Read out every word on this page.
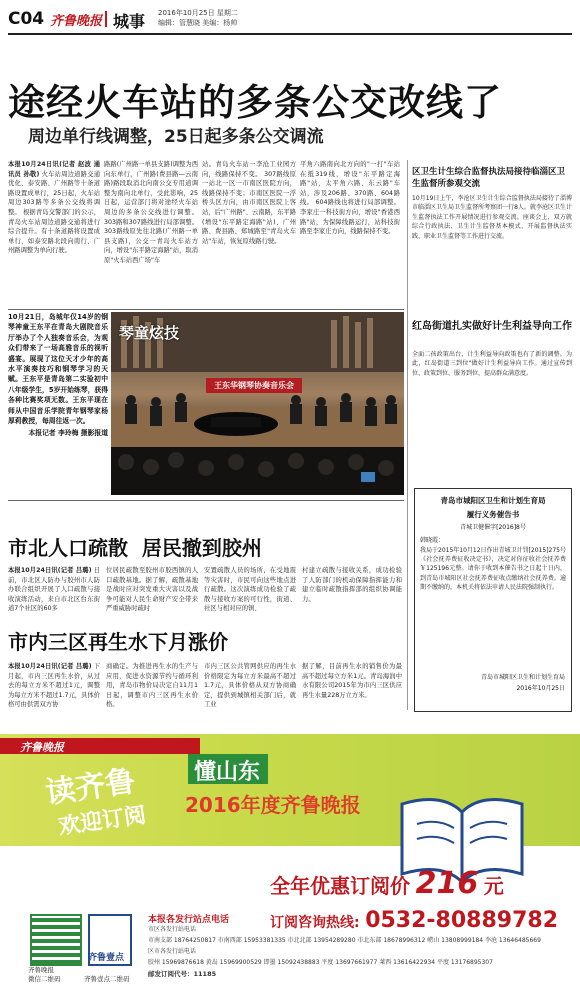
C04 齐鲁晚报 城事 2016年10月25日 星期二
编辑：管慧晓 美编：杨帅
途经火车站的多条公交改线了
周边单行线调整，25日起多条公交调流
本报10月24日讯(记者 赵波 通讯员 孙敬) 火车站周边道路交通优化、泰安路、广州路等十条道路设置成单行，25日起，火车站周边303路等多条公交线将调整。 根据青岛交警部门的公示，青岛火车站周边道路交通将进行综合提升。有十条道路将设置成单行，如泰安路北段向南行、广州路调整为单向行驶。
路路(广州路一单县支路)调整为西向东单行，广州路(费县路—云南路)路段取消北向南公交专用道调整为南向北单行，受此影响，25日起，运营部门将对途经火车站周边的多条公交线进行调整。 303路和307路线进行局部调整。303路线原先往北路(广州路一单县支路)，公交一青岛火车站方向，增设"东平路定海路"站，取消原"火车站西广场"车
站。青岛火车站一李沧工业园方向，线路保持不变。 307路线原一站北一区一市南区医院方向，线路保持不变；市南区医院一浮桥头区方向，由市南区医院上客站，后"广州路"、云南路，东平路(增设"东平路定海路"站)、广州路、费县路、郑城路至"青岛火车站"车站，恢复原线路行驶。
平角六路南向北方向的"一打"车站在抵319线，增设"东平路定海路"站，太平角六路、东云路"车站，涉及206路、370路、604路线。 604路线也将进行局部调整。李家庄一科技街方向，增设"香港西路"站，为保障线路运行，站科技街路至李家庄方向，线路保持不变。
区卫生计生综合监督执法局接待临淄区卫生监督所参观交流
10月19日上午，李沧区卫生计生综合监督执法局接待了淄博市临淄区卫生局卫生监督所考察团一行8人。就李沧区卫生计生监督执法工作开展情况进行参观交流。座谈会上，双方就综合行政执法、卫生计生监督基本模式、开展监督执法实践、职业卫生监督等工作进行交流。
红岛街道扎实做好计生利益导向工作
全面二孩政策出台，计生利益导向政策也有了新的调整。为此，红岛街道三到位"做好计生利益导向工作。通过宣传到位、政策到位、服务到位，提高群众满意度。
青岛市城阳区卫生和计划生育局
履行义务催告书
青城卫健催字[2016]8号
韩晓霞：
我局于2015年10月12日作出青城卫计罚[2015]275号《社会抚养费征收决定书》，决定对你征收社会抚养费￥125196元整。请你于收到本催告书之日起十日内，到青岛市城阳区社会抚养费征收点缴纳社会抚养费。逾期不缴纳的，本机关将依法申请人民法院强制执行。
青岛市城阳区卫生和计划生育局
2016年10月25日
10月21日，岛城年仅14岁的钢琴神童王东平在青岛大剧院音乐厅举办了个人独奏音乐会，为观众们带来了一场高雅音乐的视听盛宴。展现了这位天才少年的高水平演奏技巧和钢琴学习的天赋。王东平是青岛第二实验初中八年级学生，5岁开始练琴，获得各种比赛奖项无数。王东平现在师从中国音乐学院青年钢琴家杨厚莉教授，每周往返一次。
本报记者 李玲梅 摄影报道
王东华钢琴协奏音乐会
琴童炫技
市北人口疏散  居民撤到胶州
本报10月24日讯(记者 吕璐) 日前，市北区人防办与胶州市人防办联合组织开展了人口疏散与接收演练活动，来自市北区台东街道7个社区的60多
位居民疏散至胶州市胶西镇的人口疏散基地。据了解，疏散基地是战时应对突发重大灾害以及战争可能对人民生命财产安全带来严重威胁时疏时
安置疏散人员的场所，在受地震等灾害时，市民可向这些地点进行疏散。这次演练成功检验了疏散与接收方案的可行性，街道、社区与相对应的镇、
村建立疏散与接收关系，成功检验了人防部门的机动保障指挥能力和建立临时疏散指挥部的组织协调能力。
市内三区再生水下月涨价
本报10月24日讯(记者 吕璐) 下月起，市内三区再生水价，从过去的每立方米不超过1元，调整为每立方米不超过1.7元，具体价格可由供需双方协
商确定。为推进再生水的生产与应用，促进水资源节约与循环利用，青岛市物价局决定自11月1日起，调整市内三区再生水价格。
市内三区公共管网供应的再生水价格限定为每立方米最高不超过1.7元，具体价格从双方协商确定，提供到城镇相关部门后，就工业
据了解，目前再生水的销售价为最高不超过每立方米1元。青岛海润中水有限公司2015年为市内三区供应再生水量228万立方米。
齐鲁晚报
读齐鲁
欢迎订阅
懂山东
2016年度齐鲁晚报
全年优惠订阅价 216 元
订阅咨询热线: 0532-80889782
齐鲁晚报
微信二维码
齐鲁壹点
齐鲁壹点二维码
本报各发行站点电话
市区各发行站电话
市南支部 18764250817 市南西部 15953381335 市北北部 13954289280 市北东部 18678996312 崂山 13808999184 李沧 13646485669
区市各发行站电话
胶州 15969876618 黄岛 15969900529 即墨 15092438883 平度 13697661977 莱西 13616422934 平度 13176895307
邮发订阅代号：11185
